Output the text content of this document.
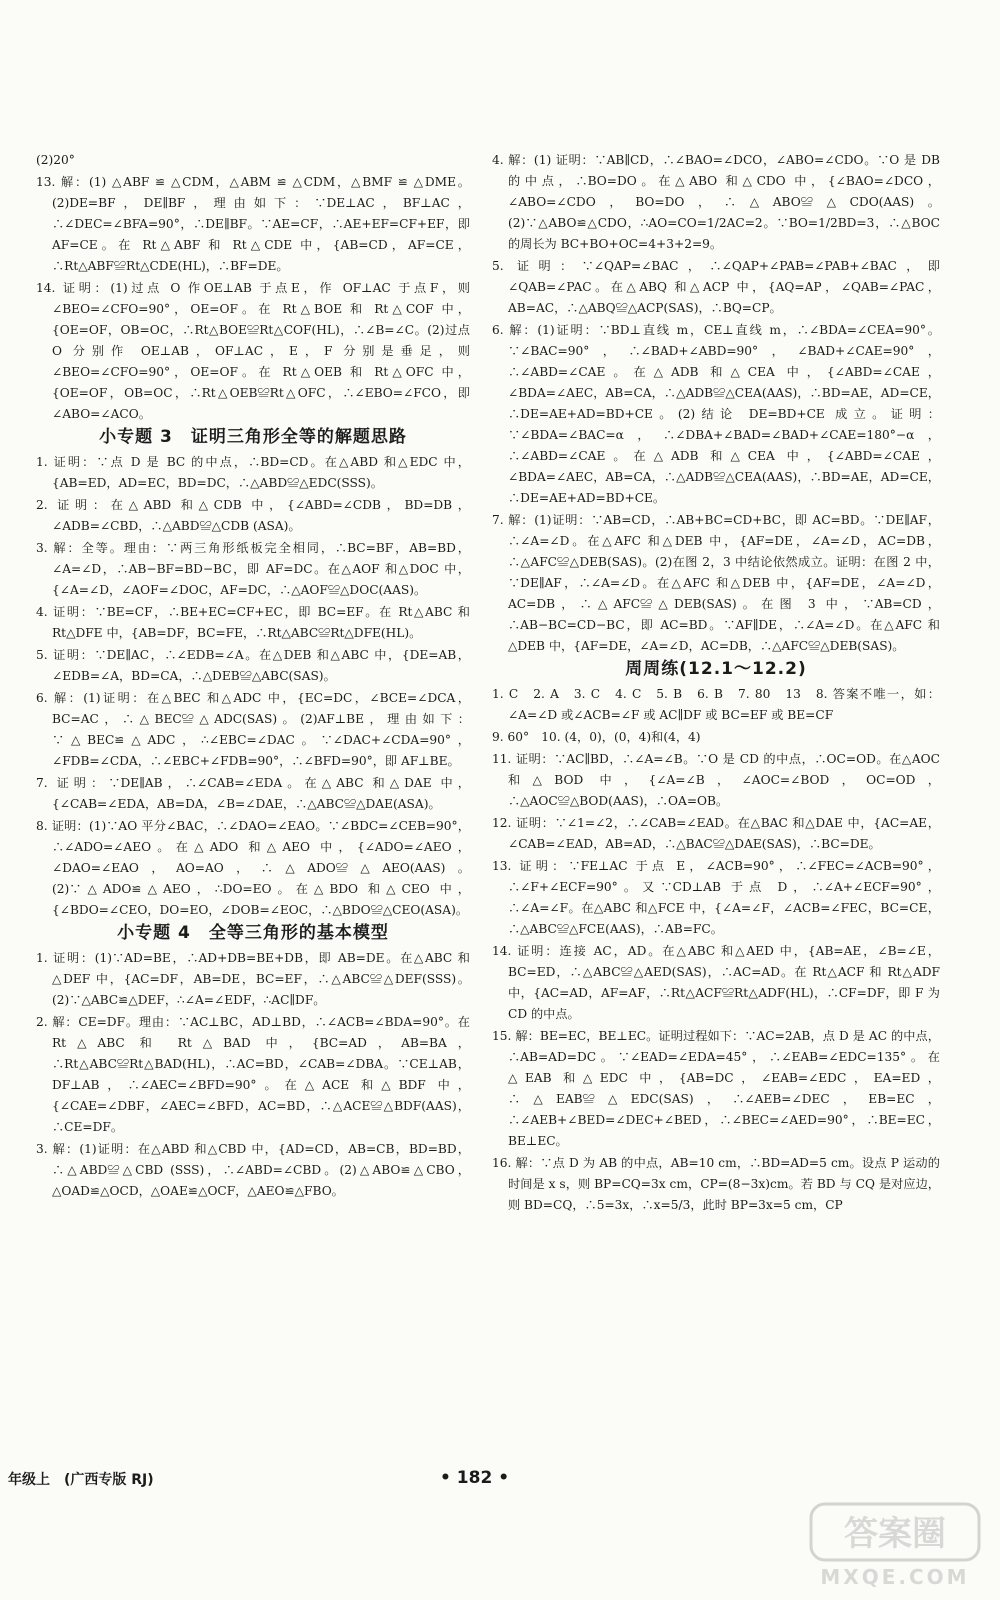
(2)20°
13. 解：(1) △ABF ≌ △CDM，△ABM ≌ △CDM，△BMF ≌ △DME。 (2)DE=BF，DE∥BF，理由如下：∵DE⊥AC，BF⊥AC，∴∠DEC=∠BFA=90°，∴DE∥BF。∵AE=CF，∴AE+EF=CF+EF，即 AF=CE。在 Rt△ABF 和 Rt△CDE 中，{AB=CD，AF=CE，∴Rt△ABF≌Rt△CDE(HL)，∴BF=DE。
14. 证明：(1)过点 O 作OE⊥AB 于点E，作 OF⊥AC 于点F，则∠BEO=∠CFO=90°，OE=OF。在 Rt△BOE 和 Rt△COF 中，{OE=OF，OB=OC，∴Rt△BOE≌Rt△COF(HL)，∴∠B=∠C。(2)过点 O 分别作 OE⊥AB，OF⊥AC，E，F 分别是垂足，则∠BEO=∠CFO=90°，OE=OF。在 Rt△OEB 和 Rt△OFC 中，{OE=OF，OB=OC，∴Rt△OEB≌Rt△OFC，∴∠EBO=∠FCO，即∠ABO=∠ACO。
小专题 3　证明三角形全等的解题思路
1. 证明：∵点 D 是 BC 的中点，∴BD=CD。在△ABD 和△EDC 中，{AB=ED，AD=EC，BD=DC，∴△ABD≌△EDC(SSS)。
2. 证明：在△ABD 和△CDB 中，{∠ABD=∠CDB，BD=DB，∠ADB=∠CBD，∴△ABD≌△CDB (ASA)。
3. 解：全等。理由：∵两三角形纸板完全相同，∴BC=BF，AB=BD，∠A=∠D，∴AB−BF=BD−BC，即 AF=DC。在△AOF 和△DOC 中，{∠A=∠D，∠AOF=∠DOC，AF=DC，∴△AOF≌△DOC(AAS)。
4. 证明：∵BE=CF，∴BE+EC=CF+EC，即 BC=EF。在 Rt△ABC 和 Rt△DFE 中，{AB=DF，BC=FE，∴Rt△ABC≌Rt△DFE(HL)。
5. 证明：∵DE∥AC，∴∠EDB=∠A。在△DEB 和△ABC 中，{DE=AB，∠EDB=∠A，BD=CA，∴△DEB≌△ABC(SAS)。
6. 解：(1)证明：在△BEC 和△ADC 中，{EC=DC，∠BCE=∠DCA，BC=AC，∴△BEC≌△ADC(SAS)。(2)AF⊥BE，理由如下：∵△BEC≌△ADC，∴∠EBC=∠DAC。∵∠DAC+∠CDA=90°，∠FDB=∠CDA，∴∠EBC+∠FDB=90°，∴∠BFD=90°，即 AF⊥BE。
7. 证明：∵DE∥AB，∴∠CAB=∠EDA。在△ABC 和△DAE 中，{∠CAB=∠EDA，AB=DA，∠B=∠DAE，∴△ABC≌△DAE(ASA)。
8. 证明：(1)∵AO 平分∠BAC，∴∠DAO=∠EAO。∵∠BDC=∠CEB=90°，∴∠ADO=∠AEO。在△ADO 和△AEO 中，{∠ADO=∠AEO，∠DAO=∠EAO，AO=AO，∴△ADO≌△AEO(AAS)。(2)∵△ADO≌△AEO，∴DO=EO。在△BDO 和△CEO 中，{∠BDO=∠CEO，DO=EO，∠DOB=∠EOC，∴△BDO≌△CEO(ASA)。
小专题 4　全等三角形的基本模型
1. 证明：(1)∵AD=BE，∴AD+DB=BE+DB，即 AB=DE。在△ABC 和△DEF 中，{AC=DF，AB=DE，BC=EF，∴△ABC≌△DEF(SSS)。(2)∵△ABC≌△DEF，∴∠A=∠EDF，∴AC∥DF。
2. 解：CE=DF。理由：∵AC⊥BC，AD⊥BD，∴∠ACB=∠BDA=90°。在 Rt△ABC 和 Rt△BAD 中，{BC=AD，AB=BA，∴Rt△ABC≌Rt△BAD(HL)，∴AC=BD，∠CAB=∠DBA。∵CE⊥AB，DF⊥AB，∴∠AEC=∠BFD=90°。在△ACE 和△BDF 中，{∠CAE=∠DBF，∠AEC=∠BFD，AC=BD，∴△ACE≌△BDF(AAS)，∴CE=DF。
3. 解：(1)证明：在△ABD 和△CBD 中，{AD=CD，AB=CB，BD=BD，∴△ABD≌△CBD (SSS)，∴∠ABD=∠CBD。(2)△ABO≌△CBO，△OAD≌△OCD，△OAE≌△OCF，△AEO≌△FBO。
4. 解：(1) 证明：∵AB∥CD，∴∠BAO=∠DCO，∠ABO=∠CDO。∵O 是 DB 的中点，∴BO=DO。在△ABO 和△CDO 中，{∠BAO=∠DCO，∠ABO=∠CDO，BO=DO，∴△ABO≌△CDO(AAS)。(2)∵△ABO≌△CDO，∴AO=CO=1/2AC=2。∵BO=1/2BD=3，∴△BOC 的周长为 BC+BO+OC=4+3+2=9。
5. 证明：∵∠QAP=∠BAC，∴∠QAP+∠PAB=∠PAB+∠BAC，即∠QAB=∠PAC。在△ABQ 和△ACP 中，{AQ=AP，∠QAB=∠PAC，AB=AC，∴△ABQ≌△ACP(SAS)，∴BQ=CP。
6. 解：(1)证明：∵BD⊥直线 m，CE⊥直线 m，∴∠BDA=∠CEA=90°。∵∠BAC=90°，∴∠BAD+∠ABD=90°，∠BAD+∠CAE=90°，∴∠ABD=∠CAE。在△ADB 和△CEA 中，{∠ABD=∠CAE，∠BDA=∠AEC，AB=CA，∴△ADB≌△CEA(AAS)，∴BD=AE，AD=CE，∴DE=AE+AD=BD+CE。(2)结论 DE=BD+CE 成立。证明：∵∠BDA=∠BAC=α，∴∠DBA+∠BAD=∠BAD+∠CAE=180°−α，∴∠ABD=∠CAE。在△ADB 和△CEA 中，{∠ABD=∠CAE，∠BDA=∠AEC，AB=CA，∴△ADB≌△CEA(AAS)，∴BD=AE，AD=CE，∴DE=AE+AD=BD+CE。
7. 解：(1)证明：∵AB=CD，∴AB+BC=CD+BC，即 AC=BD。∵DE∥AF，∴∠A=∠D。在△AFC 和△DEB 中，{AF=DE，∠A=∠D，AC=DB，∴△AFC≌△DEB(SAS)。(2)在图 2，3 中结论依然成立。证明：在图 2 中，∵DE∥AF，∴∠A=∠D。在△AFC 和△DEB 中，{AF=DE，∠A=∠D，AC=DB，∴△AFC≌△DEB(SAS)。在图 3 中，∵AB=CD，∴AB−BC=CD−BC，即 AC=BD。∵AF∥DE，∴∠A=∠D。在△AFC 和△DEB 中，{AF=DE，∠A=∠D，AC=DB，∴△AFC≌△DEB(SAS)。
周周练(12.1～12.2)
1. C　2. A　3. C　4. C　5. B　6. B　7. 80　13　8. 答案不唯一，如：∠A=∠D 或∠ACB=∠F 或 AC∥DF 或 BC=EF 或 BE=CF
9. 60°　10. (4，0)，(0，4)和(4，4)
11. 证明：∵AC∥BD，∴∠A=∠B。∵O 是 CD 的中点，∴OC=OD。在△AOC 和△BOD 中，{∠A=∠B，∠AOC=∠BOD，OC=OD，∴△AOC≌△BOD(AAS)，∴OA=OB。
12. 证明：∵∠1=∠2，∴∠CAB=∠EAD。在△BAC 和△DAE 中，{AC=AE，∠CAB=∠EAD，AB=AD，∴△BAC≌△DAE(SAS)，∴BC=DE。
13. 证明：∵FE⊥AC 于点 E，∠ACB=90°，∴∠FEC=∠ACB=90°，∴∠F+∠ECF=90°。又∵CD⊥AB 于点 D，∴∠A+∠ECF=90°，∴∠A=∠F。在△ABC 和△FCE 中，{∠A=∠F，∠ACB=∠FEC，BC=CE，∴△ABC≌△FCE(AAS)，∴AB=FC。
14. 证明：连接 AC，AD。在△ABC 和△AED 中，{AB=AE，∠B=∠E，BC=ED，∴△ABC≌△AED(SAS)，∴AC=AD。在 Rt△ACF 和 Rt△ADF 中，{AC=AD，AF=AF，∴Rt△ACF≌Rt△ADF(HL)，∴CF=DF，即 F 为 CD 的中点。
15. 解：BE=EC，BE⊥EC。证明过程如下：∵AC=2AB，点 D 是 AC 的中点，∴AB=AD=DC。∵∠EAD=∠EDA=45°，∴∠EAB=∠EDC=135°。在△EAB 和△EDC 中，{AB=DC，∠EAB=∠EDC，EA=ED，∴△EAB≌△EDC(SAS)，∴∠AEB=∠DEC，EB=EC，∴∠AEB+∠BED=∠DEC+∠BED，∴∠BEC=∠AED=90°，∴BE=EC，BE⊥EC。
16. 解：∵点 D 为 AB 的中点，AB=10 cm，∴BD=AD=5 cm。设点 P 运动的时间是 x s，则 BP=CQ=3x cm，CP=(8−3x)cm。若 BD 与 CQ 是对应边，则 BD=CQ，∴5=3x，∴x=5/3，此时 BP=3x=5 cm，CP
年级上　(广西专版 RJ)	• 182 •
答案圈
MXQE.COM
